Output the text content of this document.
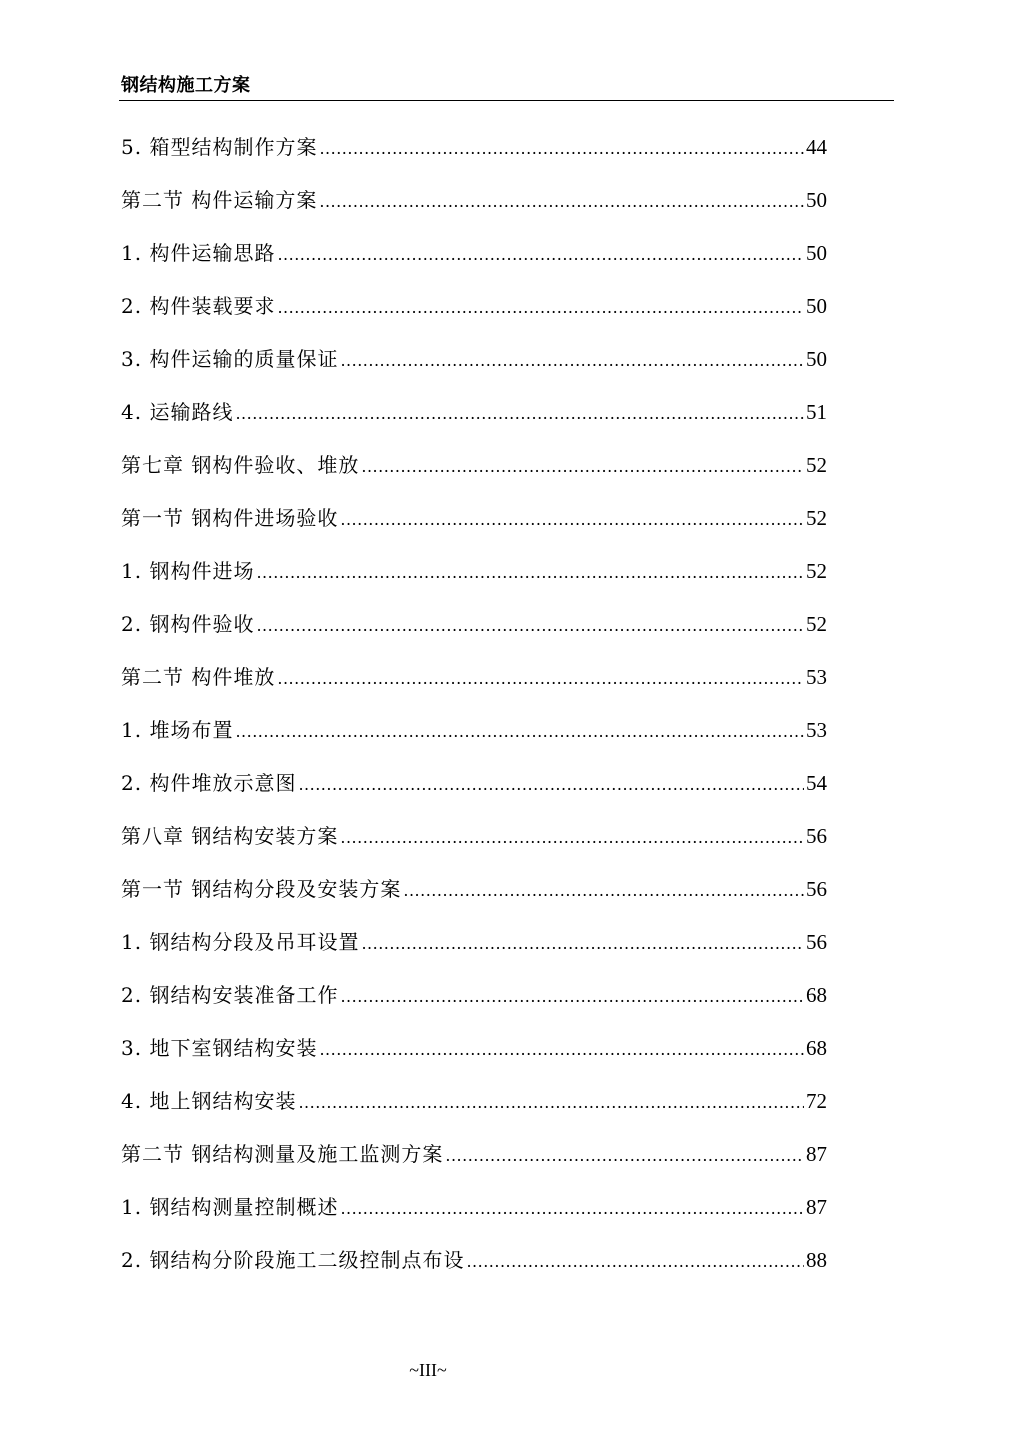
钢结构施工方案
5. 箱型结构制作方案 .....	44
第二节 构件运输方案 .....	50
1. 构件运输思路 .....	50
2. 构件装载要求 .....	50
3. 构件运输的质量保证 .....	50
4. 运输路线 .....	51
第七章 钢构件验收、堆放 .....	52
第一节 钢构件进场验收 .....	52
1. 钢构件进场 .....	52
2. 钢构件验收 .....	52
第二节 构件堆放 .....	53
1. 堆场布置 .....	53
2. 构件堆放示意图 .....	54
第八章 钢结构安装方案 .....	56
第一节 钢结构分段及安装方案 .....	56
1. 钢结构分段及吊耳设置 .....	56
2. 钢结构安装准备工作 .....	68
3. 地下室钢结构安装 .....	68
4. 地上钢结构安装 .....	72
第二节 钢结构测量及施工监测方案 .....	87
1. 钢结构测量控制概述 .....	87
2. 钢结构分阶段施工二级控制点布设 .....	88
~III~
